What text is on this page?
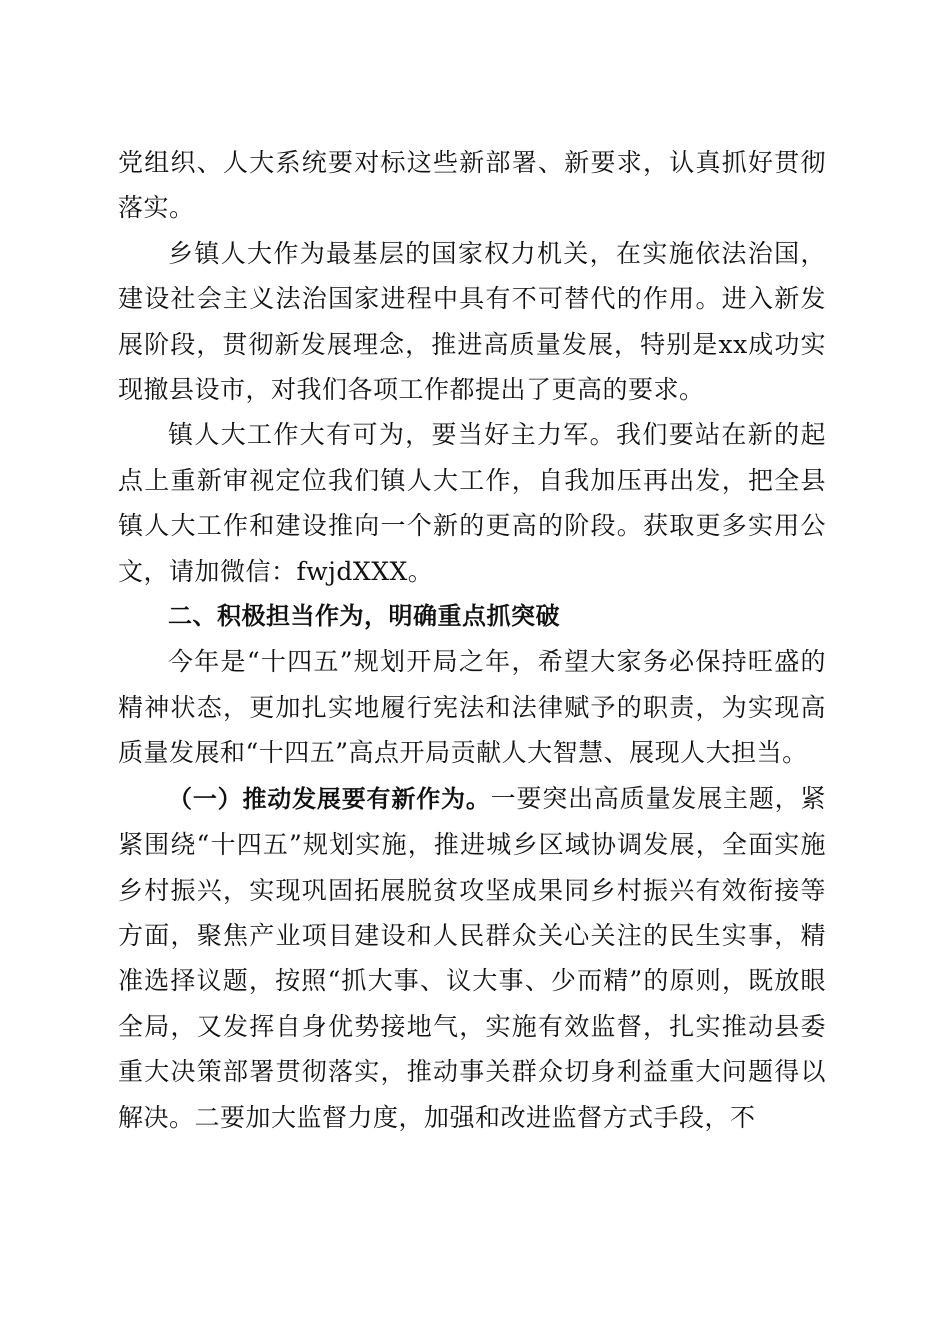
党组织、人大系统要对标这些新部署、新要求，认真抓好贯彻落实。

乡镇人大作为最基层的国家权力机关，在实施依法治国，建设社会主义法治国家进程中具有不可替代的作用。进入新发展阶段，贯彻新发展理念，推进高质量发展，特别是xx成功实现撤县设市，对我们各项工作都提出了更高的要求。

镇人大工作大有可为，要当好主力军。我们要站在新的起点上重新审视定位我们镇人大工作，自我加压再出发，把全县镇人大工作和建设推向一个新的更高的阶段。获取更多实用公文，请加微信：fwjdXXX。

二、积极担当作为，明确重点抓突破

今年是“十四五”规划开局之年，希望大家务必保持旺盛的精神状态，更加扎实地履行宪法和法律赋予的职责，为实现高质量发展和“十四五”高点开局贡献人大智慧、展现人大担当。

（一）推动发展要有新作为。一要突出高质量发展主题，紧紧围绕“十四五”规划实施，推进城乡区域协调发展，全面实施乡村振兴，实现巩固拓展脱贫攻坚成果同乡村振兴有效衔接等方面，聚焦产业项目建设和人民群众关心关注的民生实事，精准选择议题，按照“抓大事、议大事、少而精”的原则，既放眼全局，又发挥自身优势接地气，实施有效监督，扎实推动县委重大决策部署贯彻落实，推动事关群众切身利益重大问题得以解决。二要加大监督力度，加强和改进监督方式手段，不
